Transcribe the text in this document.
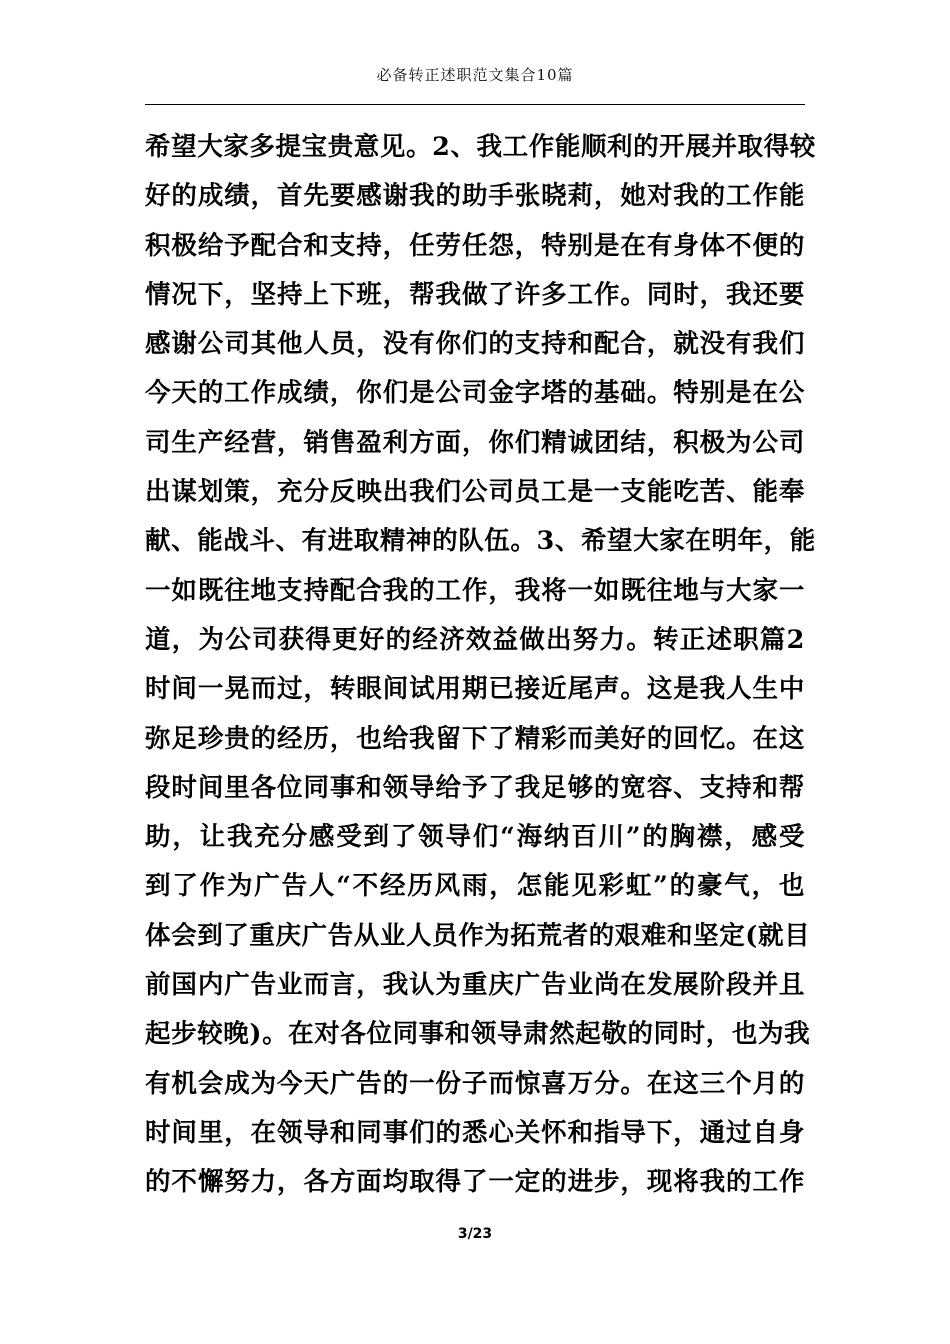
必备转正述职范文集合10篇
希望大家多提宝贵意见。2、我工作能顺利的开展并取得较
好的成绩，首先要感谢我的助手张晓莉，她对我的工作能
积极给予配合和支持，任劳任怨，特别是在有身体不便的
情况下，坚持上下班，帮我做了许多工作。同时，我还要
感谢公司其他人员，没有你们的支持和配合，就没有我们
今天的工作成绩，你们是公司金字塔的基础。特别是在公
司生产经营，销售盈利方面，你们精诚团结，积极为公司
出谋划策，充分反映出我们公司员工是一支能吃苦、能奉
献、能战斗、有进取精神的队伍。3、希望大家在明年，能
一如既往地支持配合我的工作，我将一如既往地与大家一
道，为公司获得更好的经济效益做出努力。转正述职篇2
时间一晃而过，转眼间试用期已接近尾声。这是我人生中
弥足珍贵的经历，也给我留下了精彩而美好的回忆。在这
段时间里各位同事和领导给予了我足够的宽容、支持和帮
助，让我充分感受到了领导们“海纳百川”的胸襟，感受
到了作为广告人“不经历风雨，怎能见彩虹”的豪气，也
体会到了重庆广告从业人员作为拓荒者的艰难和坚定(就目
前国内广告业而言，我认为重庆广告业尚在发展阶段并且
起步较晚)。在对各位同事和领导肃然起敬的同时，也为我
有机会成为今天广告的一份子而惊喜万分。在这三个月的
时间里，在领导和同事们的悉心关怀和指导下，通过自身
的不懈努力，各方面均取得了一定的进步，现将我的工作
3/23
